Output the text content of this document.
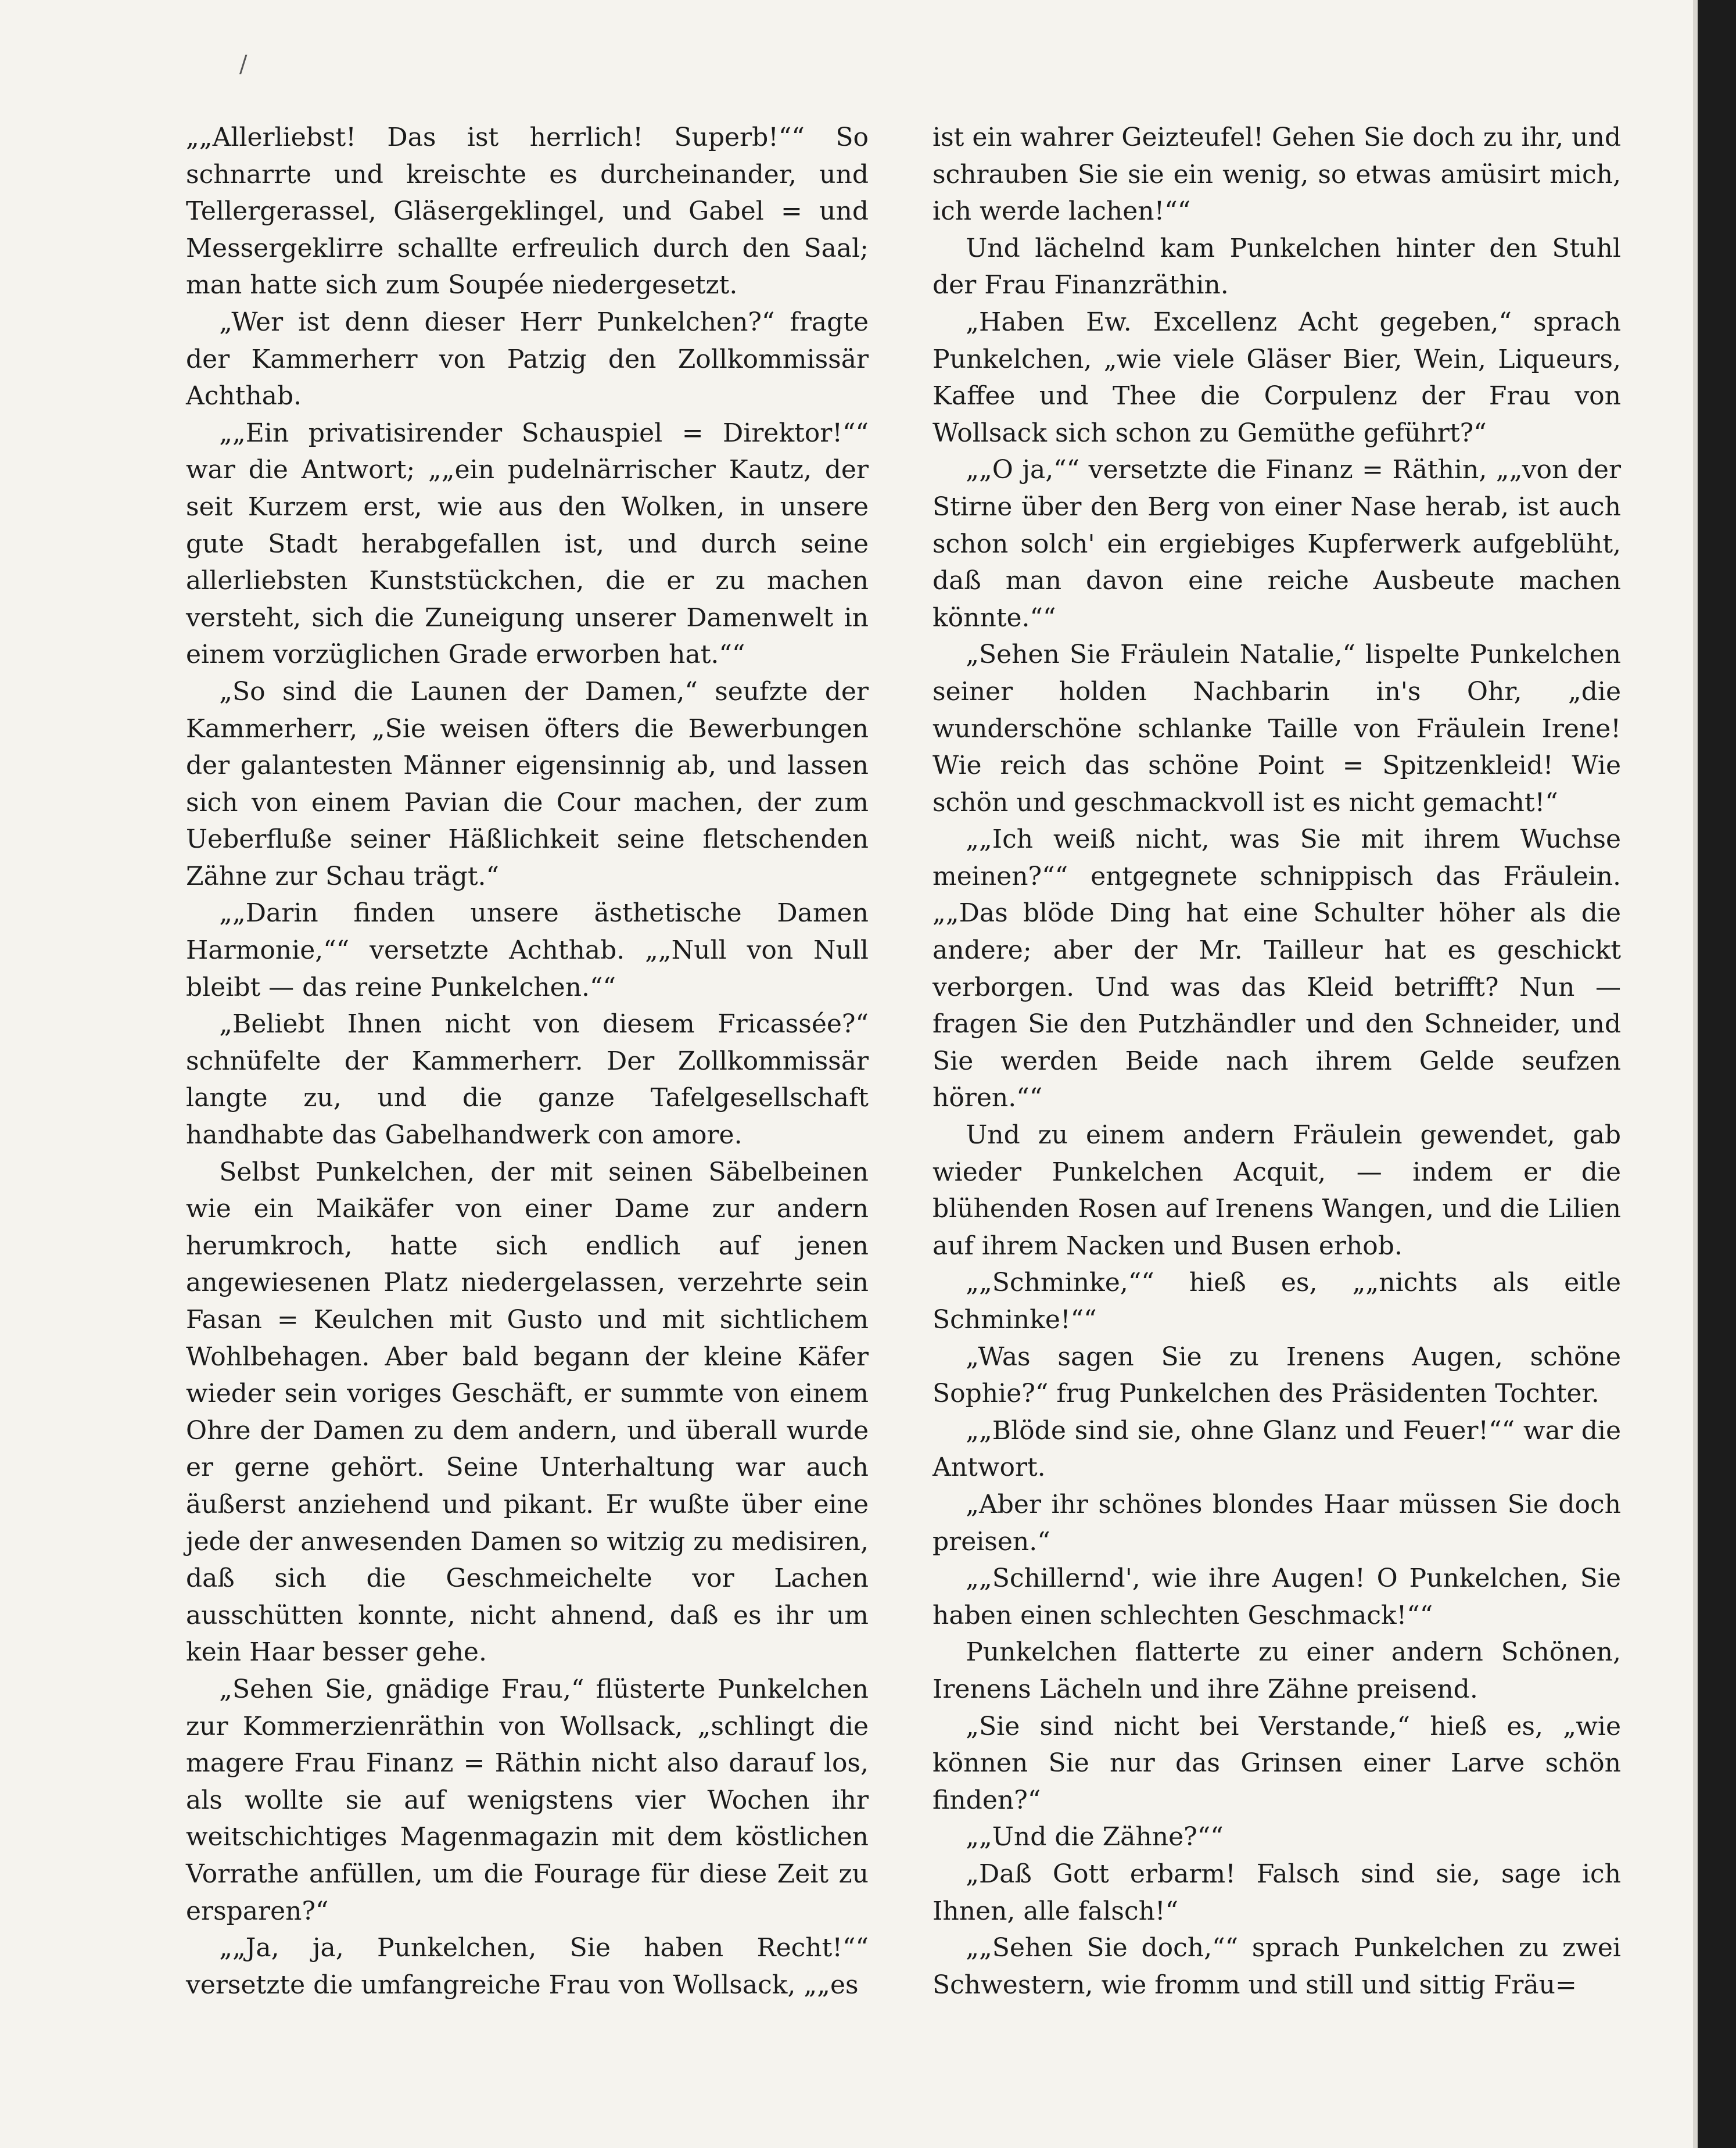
/

„„Allerliebst! Das ist herrlich! Superb!““ So schnarrte und kreischte es durcheinander, und Tellergerassel, Gläsergeklingel, und Gabel = und Messergeklirre schallte erfreulich durch den Saal; man hatte sich zum Soupée niedergesetzt.

„Wer ist denn dieser Herr Punkelchen?“ fragte der Kammerherr von Patzig den Zollkommissär Achthab.

„„Ein privatisirender Schauspiel = Direktor!““ war die Antwort; „„ein pudelnärrischer Kautz, der seit Kurzem erst, wie aus den Wolken, in unsere gute Stadt herabgefallen ist, und durch seine allerliebsten Kunststückchen, die er zu machen versteht, sich die Zuneigung unserer Damenwelt in einem vorzüglichen Grade erworben hat.““

„So sind die Launen der Damen,“ seufzte der Kammerherr, „Sie weisen öfters die Bewerbungen der galantesten Männer eigensinnig ab, und lassen sich von einem Pavian die Cour machen, der zum Ueberfluße seiner Häßlichkeit seine fletschenden Zähne zur Schau trägt.“

„„Darin finden unsere ästhetische Damen Harmonie,““ versetzte Achthab. „„Null von Null bleibt — das reine Punkelchen.““

„Beliebt Ihnen nicht von diesem Fricassée?“ schnüfelte der Kammerherr. Der Zollkommissär langte zu, und die ganze Tafelgesellschaft handhabte das Gabelhandwerk con amore.

Selbst Punkelchen, der mit seinen Säbelbeinen wie ein Maikäfer von einer Dame zur andern herumkroch, hatte sich endlich auf jenen angewiesenen Platz niedergelassen, verzehrte sein Fasan = Keulchen mit Gusto und mit sichtlichem Wohlbehagen. Aber bald begann der kleine Käfer wieder sein voriges Geschäft, er summte von einem Ohre der Damen zu dem andern, und überall wurde er gerne gehört. Seine Unterhaltung war auch äußerst anziehend und pikant. Er wußte über eine jede der anwesenden Damen so witzig zu medisiren, daß sich die Geschmeichelte vor Lachen ausschütten konnte, nicht ahnend, daß es ihr um kein Haar besser gehe.

„Sehen Sie, gnädige Frau,“ flüsterte Punkelchen zur Kommerzienräthin von Wollsack, „schlingt die magere Frau Finanz = Räthin nicht also darauf los, als wollte sie auf wenigstens vier Wochen ihr weitschichtiges Magenmagazin mit dem köstlichen Vorrathe anfüllen, um die Fourage für diese Zeit zu ersparen?“

„„Ja, ja, Punkelchen, Sie haben Recht!““ versetzte die umfangreiche Frau von Wollsack, „„es

ist ein wahrer Geizteufel! Gehen Sie doch zu ihr, und schrauben Sie sie ein wenig, so etwas amüsirt mich, ich werde lachen!““

Und lächelnd kam Punkelchen hinter den Stuhl der Frau Finanzräthin.

„Haben Ew. Excellenz Acht gegeben,“ sprach Punkelchen, „wie viele Gläser Bier, Wein, Liqueurs, Kaffee und Thee die Corpulenz der Frau von Wollsack sich schon zu Gemüthe geführt?“

„„O ja,““ versetzte die Finanz = Räthin, „„von der Stirne über den Berg von einer Nase herab, ist auch schon solch' ein ergiebiges Kupferwerk aufgeblüht, daß man davon eine reiche Ausbeute machen könnte.““

„Sehen Sie Fräulein Natalie,“ lispelte Punkelchen seiner holden Nachbarin in's Ohr, „die wunderschöne schlanke Taille von Fräulein Irene! Wie reich das schöne Point = Spitzenkleid! Wie schön und geschmackvoll ist es nicht gemacht!“

„„Ich weiß nicht, was Sie mit ihrem Wuchse meinen?““ entgegnete schnippisch das Fräulein. „„Das blöde Ding hat eine Schulter höher als die andere; aber der Mr. Tailleur hat es geschickt verborgen. Und was das Kleid betrifft? Nun — fragen Sie den Putzhändler und den Schneider, und Sie werden Beide nach ihrem Gelde seufzen hören.““

Und zu einem andern Fräulein gewendet, gab wieder Punkelchen Acquit, — indem er die blühenden Rosen auf Irenens Wangen, und die Lilien auf ihrem Nacken und Busen erhob.

„„Schminke,““ hieß es, „„nichts als eitle Schminke!““

„Was sagen Sie zu Irenens Augen, schöne Sophie?“ frug Punkelchen des Präsidenten Tochter.

„„Blöde sind sie, ohne Glanz und Feuer!““ war die Antwort.

„Aber ihr schönes blondes Haar müssen Sie doch preisen.“

„„Schillernd', wie ihre Augen! O Punkelchen, Sie haben einen schlechten Geschmack!““

Punkelchen flatterte zu einer andern Schönen, Irenens Lächeln und ihre Zähne preisend.

„Sie sind nicht bei Verstande,“ hieß es, „wie können Sie nur das Grinsen einer Larve schön finden?“

„„Und die Zähne?““

„Daß Gott erbarm! Falsch sind sie, sage ich Ihnen, alle falsch!“

„„Sehen Sie doch,““ sprach Punkelchen zu zwei Schwestern, wie fromm und still und sittig Fräu=
